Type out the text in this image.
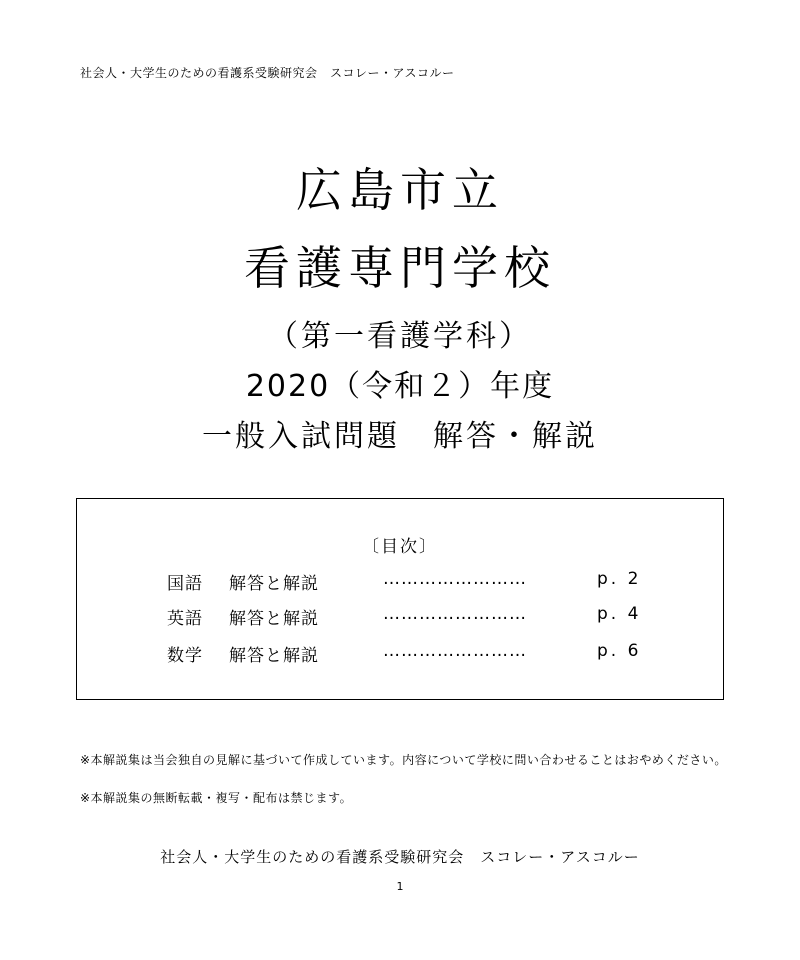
社会人・大学生のための看護系受験研究会　スコレー・アスコルー
広島市立
看護専門学校
（第一看護学科）
2020（令和２）年度
一般入試問題　解答・解説
〔目次〕
国語 解答と解説	……………………	p. 2
英語 解答と解説	……………………	p. 4
数学 解答と解説	……………………	p. 6
※本解説集は当会独自の見解に基づいて作成しています。内容について学校に問い合わせることはおやめください。
※本解説集の無断転載・複写・配布は禁じます。
社会人・大学生のための看護系受験研究会　スコレー・アスコルー
1
